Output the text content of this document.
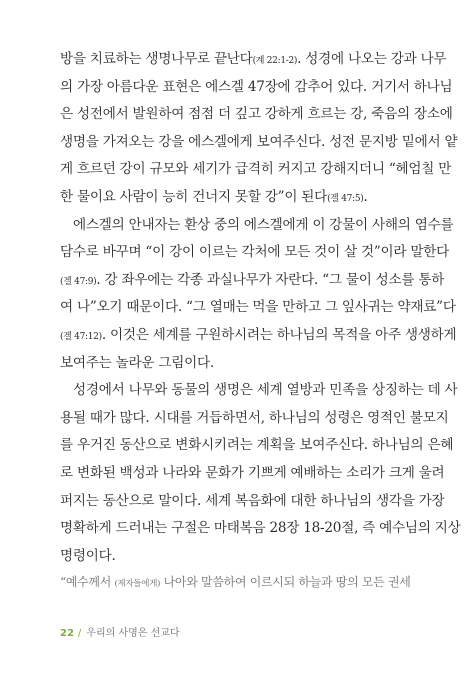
방을 치료하는 생명나무로 끝난다(계 22:1-2). 성경에 나오는 강과 나무
의 가장 아름다운 표현은 에스겔 47장에 감추어 있다. 거기서 하나님
은 성전에서 발원하여 점점 더 깊고 강하게 흐르는 강, 죽음의 장소에
생명을 가져오는 강을 에스겔에게 보여주신다. 성전 문지방 밑에서 얕
게 흐르던 강이 규모와 세기가 급격히 커지고 강해지더니 “헤엄칠 만
한 물이요 사람이 능히 건너지 못할 강”이 된다(겔 47:5).
에스겔의 안내자는 환상 중의 에스겔에게 이 강물이 사해의 염수를
담수로 바꾸며 “이 강이 이르는 각처에 모든 것이 살 것”이라 말한다
(겔 47:9). 강 좌우에는 각종 과실나무가 자란다. “그 물이 성소를 통하
여 나”오기 때문이다. “그 열매는 먹을 만하고 그 잎사귀는 약재료”다
(겔 47:12). 이것은 세계를 구원하시려는 하나님의 목적을 아주 생생하게
보여주는 놀라운 그림이다.
성경에서 나무와 동물의 생명은 세계 열방과 민족을 상징하는 데 사
용될 때가 많다. 시대를 거듭하면서, 하나님의 성령은 영적인 불모지
를 우거진 동산으로 변화시키려는 계획을 보여주신다. 하나님의 은혜
로 변화된 백성과 나라와 문화가 기쁘게 예배하는 소리가 크게 울려
퍼지는 동산으로 말이다. 세계 복음화에 대한 하나님의 생각을 가장
명확하게 드러내는 구절은 마태복음 28장 18-20절, 즉 예수님의 지상
명령이다.
“예수께서 (제자들에게) 나아와 말씀하여 이르시되 하늘과 땅의 모든 권세
22 / 우리의 사명은 선교다
